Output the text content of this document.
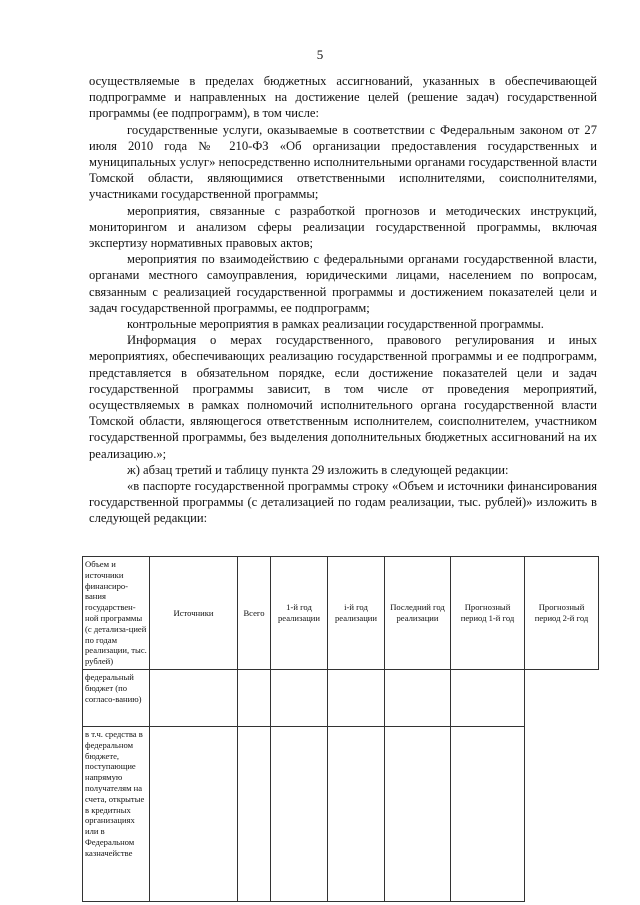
5

осуществляемые в пределах бюджетных ассигнований, указанных в обеспечивающей подпрограмме и направленных на достижение целей (решение задач) государственной программы (ее подпрограмм), в том числе:

государственные услуги, оказываемые в соответствии с Федеральным законом от 27 июля 2010 года № 210-ФЗ «Об организации предоставления государственных и муниципальных услуг» непосредственно исполнительными органами государственной власти Томской области, являющимися ответственными исполнителями, соисполнителями, участниками государственной программы;

мероприятия, связанные с разработкой прогнозов и методических инструкций, мониторингом и анализом сферы реализации государственной программы, включая экспертизу нормативных правовых актов;

мероприятия по взаимодействию с федеральными органами государственной власти, органами местного самоуправления, юридическими лицами, населением по вопросам, связанным с реализацией государственной программы и достижением показателей цели и задач государственной программы, ее подпрограмм;

контрольные мероприятия в рамках реализации государственной программы.

Информация о мерах государственного, правового регулирования и иных мероприятиях, обеспечивающих реализацию государственной программы и ее подпрограмм, представляется в обязательном порядке, если достижение показателей цели и задач государственной программы зависит, в том числе от проведения мероприятий, осуществляемых в рамках полномочий исполнительного органа государственной власти Томской области, являющегося ответственным исполнителем, соисполнителем, участником государственной программы, без выделения дополнительных бюджетных ассигнований на их реализацию.»;

ж) абзац третий и таблицу пункта 29 изложить в следующей редакции:

«в паспорте государственной программы строку «Объем и источники финансирования государственной программы (с детализацией по годам реализации, тыс. рублей)» изложить в следующей редакции:

Объем и источники финансиро-вания государствен-ной программы (с детализа-цией по годам реализации, тыс. рублей)	Источники	Всего	1-й год реализации	i-й год реализации	Последний год реализации	Прогнозный период 1-й год	Прогнозный период 2-й год
федеральный бюджет (по согласо-ванию)							
в т.ч. средства в федеральном бюджете, поступающие напрямую получателям на счета, открытые в кредитных организациях или в Федеральном казначействе							
